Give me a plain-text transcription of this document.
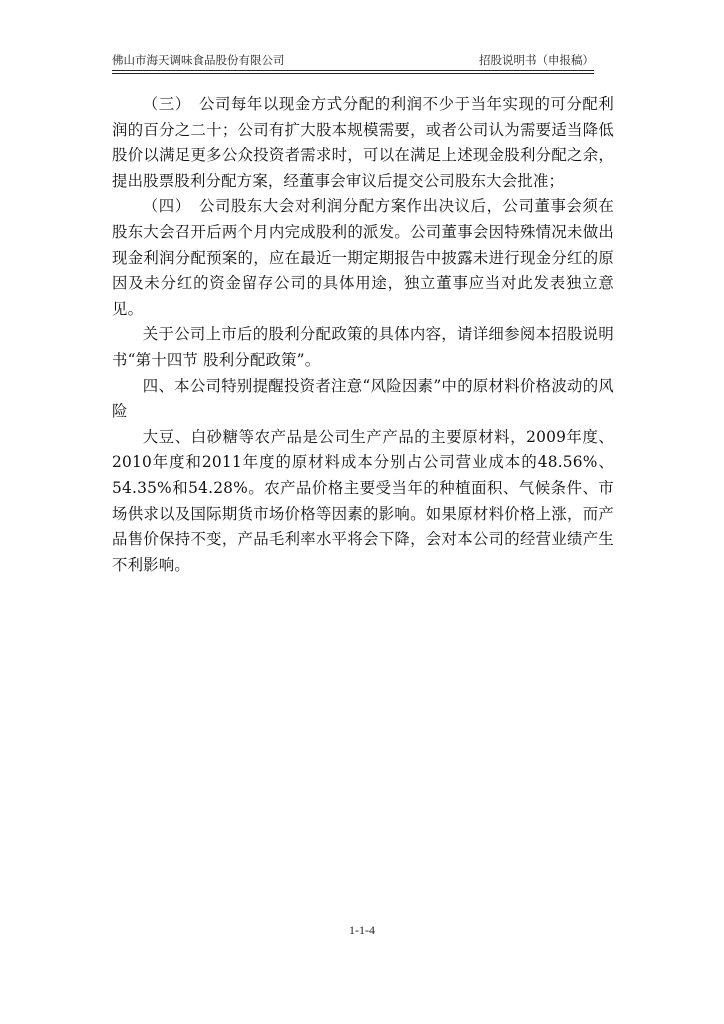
佛山市海天调味食品股份有限公司	招股说明书（申报稿）

（三）　公司每年以现金方式分配的利润不少于当年实现的可分配利润的百分之二十；公司有扩大股本规模需要，或者公司认为需要适当降低股价以满足更多公众投资者需求时，可以在满足上述现金股利分配之余，提出股票股利分配方案，经董事会审议后提交公司股东大会批准；

（四）　公司股东大会对利润分配方案作出决议后，公司董事会须在股东大会召开后两个月内完成股利的派发。公司董事会因特殊情况未做出现金利润分配预案的，应在最近一期定期报告中披露未进行现金分红的原因及未分红的资金留存公司的具体用途，独立董事应当对此发表独立意见。

关于公司上市后的股利分配政策的具体内容，请详细参阅本招股说明书“第十四节 股利分配政策”。

四、本公司特别提醒投资者注意“风险因素”中的原材料价格波动的风险

大豆、白砂糖等农产品是公司生产产品的主要原材料，2009年度、2010年度和2011年度的原材料成本分别占公司营业成本的48.56%、54.35%和54.28%。农产品价格主要受当年的种植面积、气候条件、市场供求以及国际期货市场价格等因素的影响。如果原材料价格上涨，而产品售价保持不变，产品毛利率水平将会下降，会对本公司的经营业绩产生不利影响。

1-1-4
